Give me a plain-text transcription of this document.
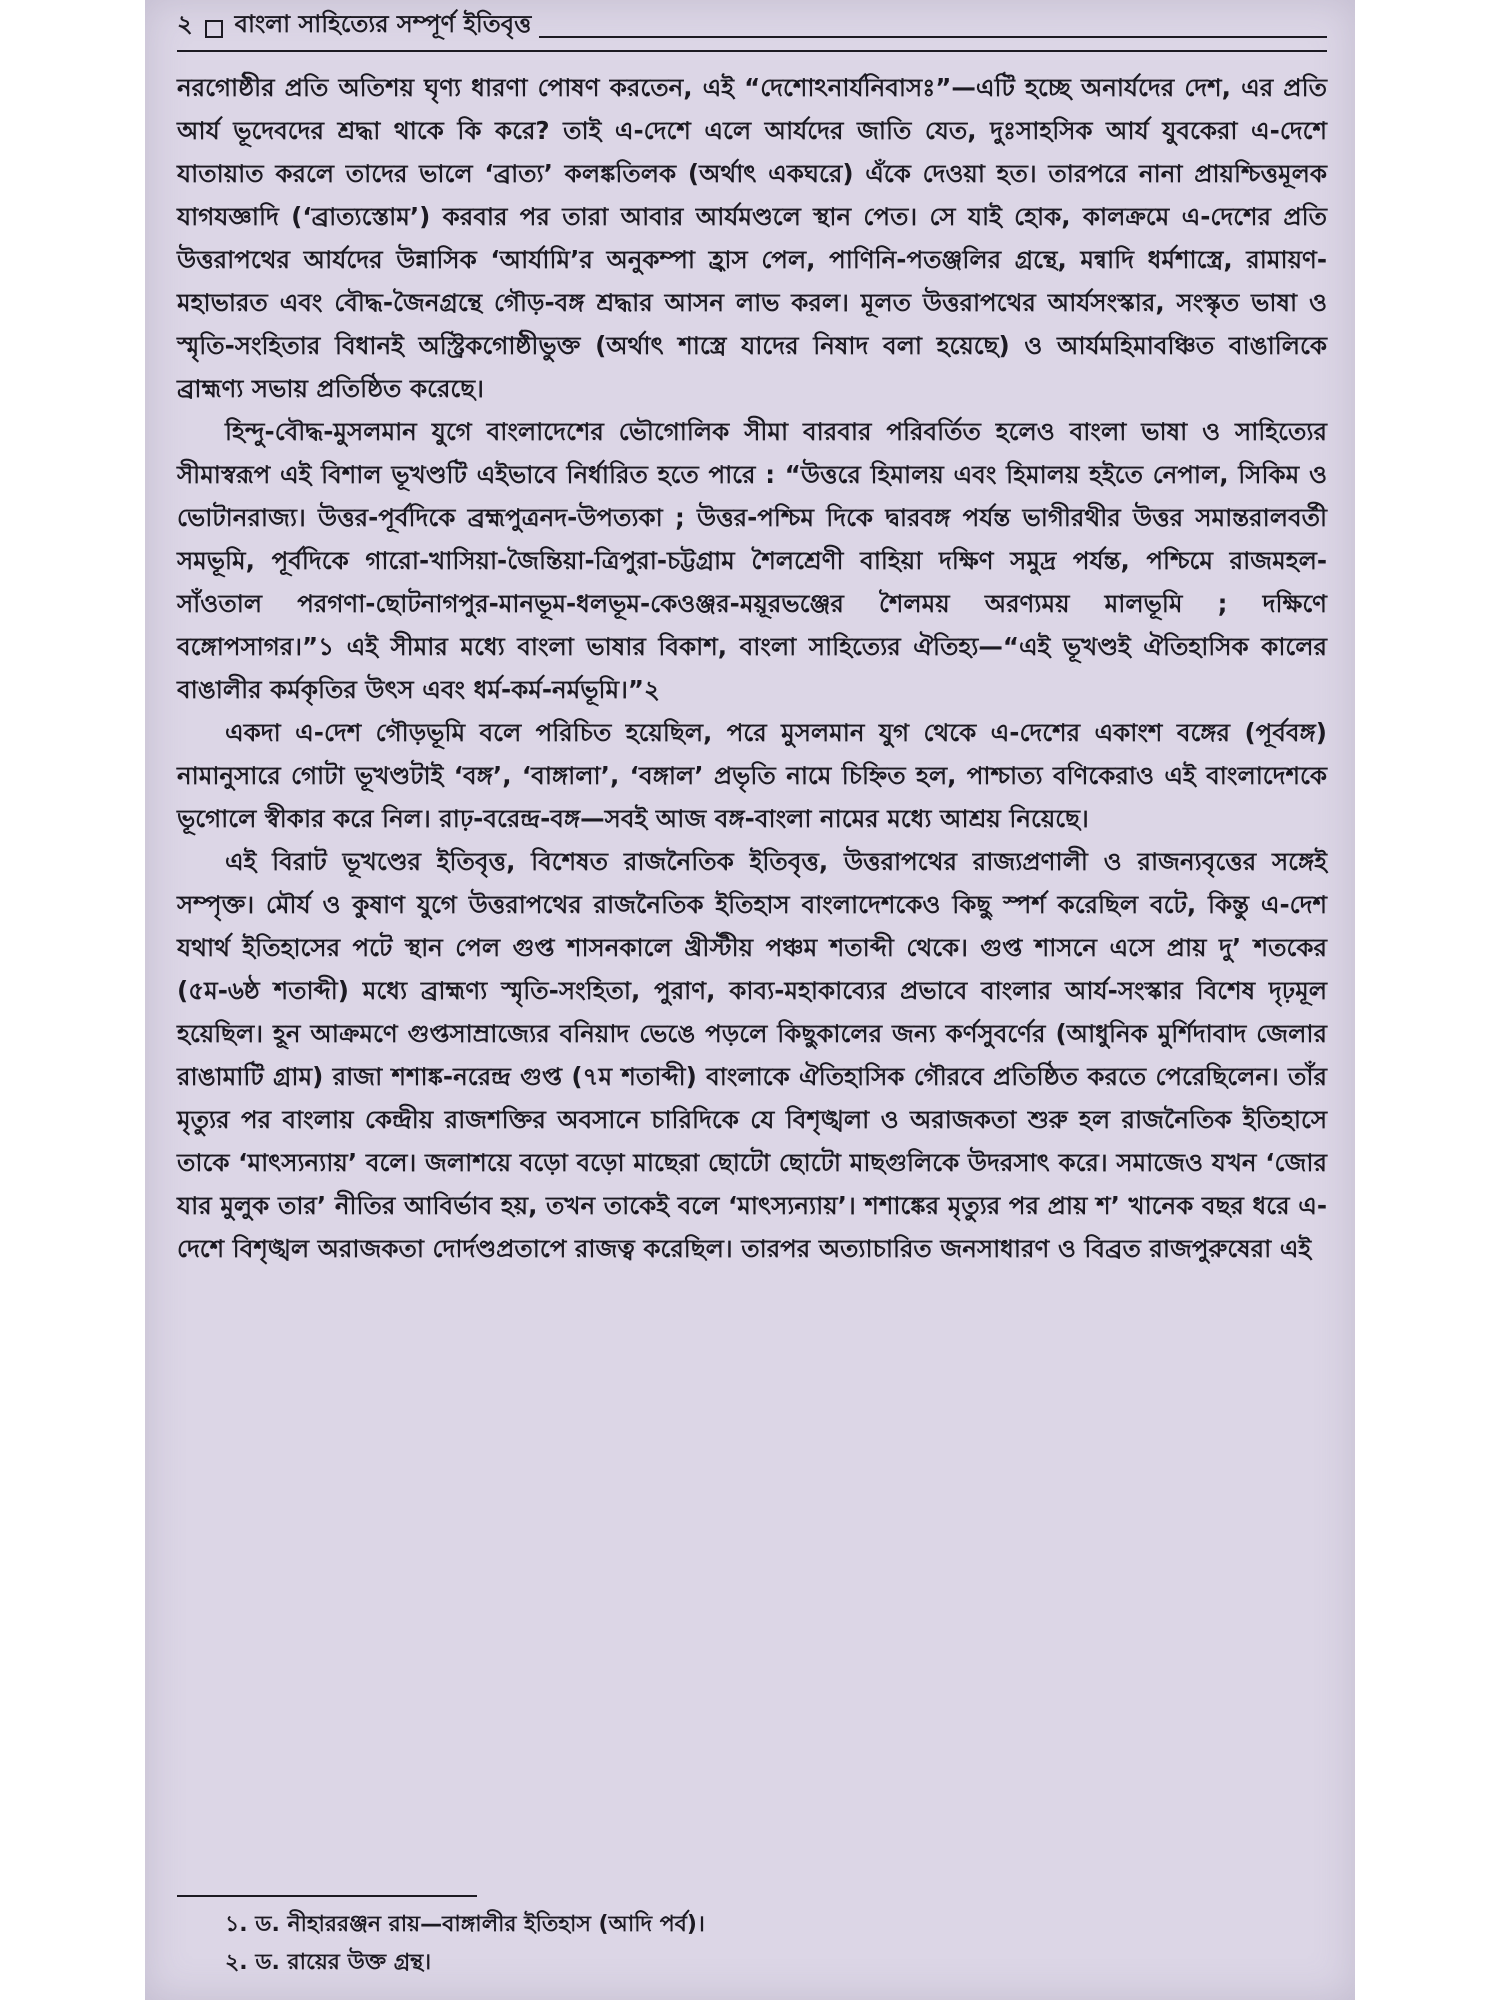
২ বাংলা সাহিত্যের সম্পূর্ণ ইতিবৃত্ত

নরগোষ্ঠীর প্রতি অতিশয় ঘৃণ্য ধারণা পোষণ করতেন, এই “দেশোঽনার্যনিবাসঃ”—এটি হচ্ছে অনার্যদের দেশ, এর প্রতি আর্য ভূদেবদের শ্রদ্ধা থাকে কি করে? তাই এ-দেশে এলে আর্যদের জাতি যেত, দুঃসাহসিক আর্য যুবকেরা এ-দেশে যাতায়াত করলে তাদের ভালে ‘ব্রাত্য’ কলঙ্কতিলক (অর্থাৎ একঘরে) এঁকে দেওয়া হত। তারপরে নানা প্রায়শ্চিত্তমূলক যাগযজ্ঞাদি (‘ব্রাত্যস্তোম’) করবার পর তারা আবার আর্যমণ্ডলে স্থান পেত। সে যাই হোক, কালক্রমে এ-দেশের প্রতি উত্তরাপথের আর্যদের উন্নাসিক ‘আর্যামি’র অনুকম্পা হ্রাস পেল, পাণিনি-পতঞ্জলির গ্রন্থে, মন্বাদি ধর্মশাস্ত্রে, রামায়ণ-মহাভারত এবং বৌদ্ধ-জৈনগ্রন্থে গৌড়-বঙ্গ শ্রদ্ধার আসন লাভ করল। মূলত উত্তরাপথের আর্যসংস্কার, সংস্কৃত ভাষা ও স্মৃতি-সংহিতার বিধানই অস্ট্রিকগোষ্ঠীভুক্ত (অর্থাৎ শাস্ত্রে যাদের নিষাদ বলা হয়েছে) ও আর্যমহিমাবঞ্চিত বাঙালিকে ব্রাহ্মণ্য সভায় প্রতিষ্ঠিত করেছে।

হিন্দু-বৌদ্ধ-মুসলমান যুগে বাংলাদেশের ভৌগোলিক সীমা বারবার পরিবর্তিত হলেও বাংলা ভাষা ও সাহিত্যের সীমাস্বরূপ এই বিশাল ভূখণ্ডটি এইভাবে নির্ধারিত হতে পারে : “উত্তরে হিমালয় এবং হিমালয় হইতে নেপাল, সিকিম ও ভোটানরাজ্য। উত্তর-পূর্বদিকে ব্রহ্মপুত্রনদ-উপত্যকা ; উত্তর-পশ্চিম দিকে দ্বারবঙ্গ পর্যন্ত ভাগীরথীর উত্তর সমান্তরালবর্তী সমভূমি, পূর্বদিকে গারো-খাসিয়া-জৈন্তিয়া-ত্রিপুরা-চট্টগ্রাম শৈলশ্রেণী বাহিয়া দক্ষিণ সমুদ্র পর্যন্ত, পশ্চিমে রাজমহল-সাঁওতাল পরগণা-ছোটনাগপুর-মানভূম-ধলভূম-কেওঞ্জর-ময়ূরভঞ্জের শৈলময় অরণ্যময় মালভূমি ; দক্ষিণে বঙ্গোপসাগর।”১ এই সীমার মধ্যে বাংলা ভাষার বিকাশ, বাংলা সাহিত্যের ঐতিহ্য—“এই ভূখণ্ডই ঐতিহাসিক কালের বাঙালীর কর্মকৃতির উৎস এবং ধর্ম-কর্ম-নর্মভূমি।”২

একদা এ-দেশ গৌড়ভূমি বলে পরিচিত হয়েছিল, পরে মুসলমান যুগ থেকে এ-দেশের একাংশ বঙ্গের (পূর্ববঙ্গ) নামানুসারে গোটা ভূখণ্ডটাই ‘বঙ্গ’, ‘বাঙ্গালা’, ‘বঙ্গাল’ প্রভৃতি নামে চিহ্নিত হল, পাশ্চাত্য বণিকেরাও এই বাংলাদেশকে ভূগোলে স্বীকার করে নিল। রাঢ়-বরেন্দ্র-বঙ্গ—সবই আজ বঙ্গ-বাংলা নামের মধ্যে আশ্রয় নিয়েছে।

এই বিরাট ভূখণ্ডের ইতিবৃত্ত, বিশেষত রাজনৈতিক ইতিবৃত্ত, উত্তরাপথের রাজ্যপ্রণালী ও রাজন্যবৃত্তের সঙ্গেই সম্পৃক্ত। মৌর্য ও কুষাণ যুগে উত্তরাপথের রাজনৈতিক ইতিহাস বাংলাদেশকেও কিছু স্পর্শ করেছিল বটে, কিন্তু এ-দেশ যথার্থ ইতিহাসের পটে স্থান পেল গুপ্ত শাসনকালে খ্রীস্টীয় পঞ্চম শতাব্দী থেকে। গুপ্ত শাসনে এসে প্রায় দু’ শতকের (৫ম-৬ষ্ঠ শতাব্দী) মধ্যে ব্রাহ্মণ্য স্মৃতি-সংহিতা, পুরাণ, কাব্য-মহাকাব্যের প্রভাবে বাংলার আর্য-সংস্কার বিশেষ দৃঢ়মূল হয়েছিল। হূন আক্রমণে গুপ্তসাম্রাজ্যের বনিয়াদ ভেঙে পড়লে কিছুকালের জন্য কর্ণসুবর্ণের (আধুনিক মুর্শিদাবাদ জেলার রাঙামাটি গ্রাম) রাজা শশাঙ্ক-নরেন্দ্র গুপ্ত (৭ম শতাব্দী) বাংলাকে ঐতিহাসিক গৌরবে প্রতিষ্ঠিত করতে পেরেছিলেন। তাঁর মৃত্যুর পর বাংলায় কেন্দ্রীয় রাজশক্তির অবসানে চারিদিকে যে বিশৃঙ্খলা ও অরাজকতা শুরু হল রাজনৈতিক ইতিহাসে তাকে ‘মাৎস্যন্যায়’ বলে। জলাশয়ে বড়ো বড়ো মাছেরা ছোটো ছোটো মাছগুলিকে উদরসাৎ করে। সমাজেও যখন ‘জোর যার মুলুক তার’ নীতির আবির্ভাব হয়, তখন তাকেই বলে ‘মাৎস্যন্যায়’। শশাঙ্কের মৃত্যুর পর প্রায় শ’ খানেক বছর ধরে এ-দেশে বিশৃঙ্খল অরাজকতা দোর্দণ্ডপ্রতাপে রাজত্ব করেছিল। তারপর অত্যাচারিত জনসাধারণ ও বিব্রত রাজপুরুষেরা এই

১. ড. নীহাররঞ্জন রায়—বাঙ্গালীর ইতিহাস (আদি পর্ব)।
২. ড. রায়ের উক্ত গ্রন্থ।
